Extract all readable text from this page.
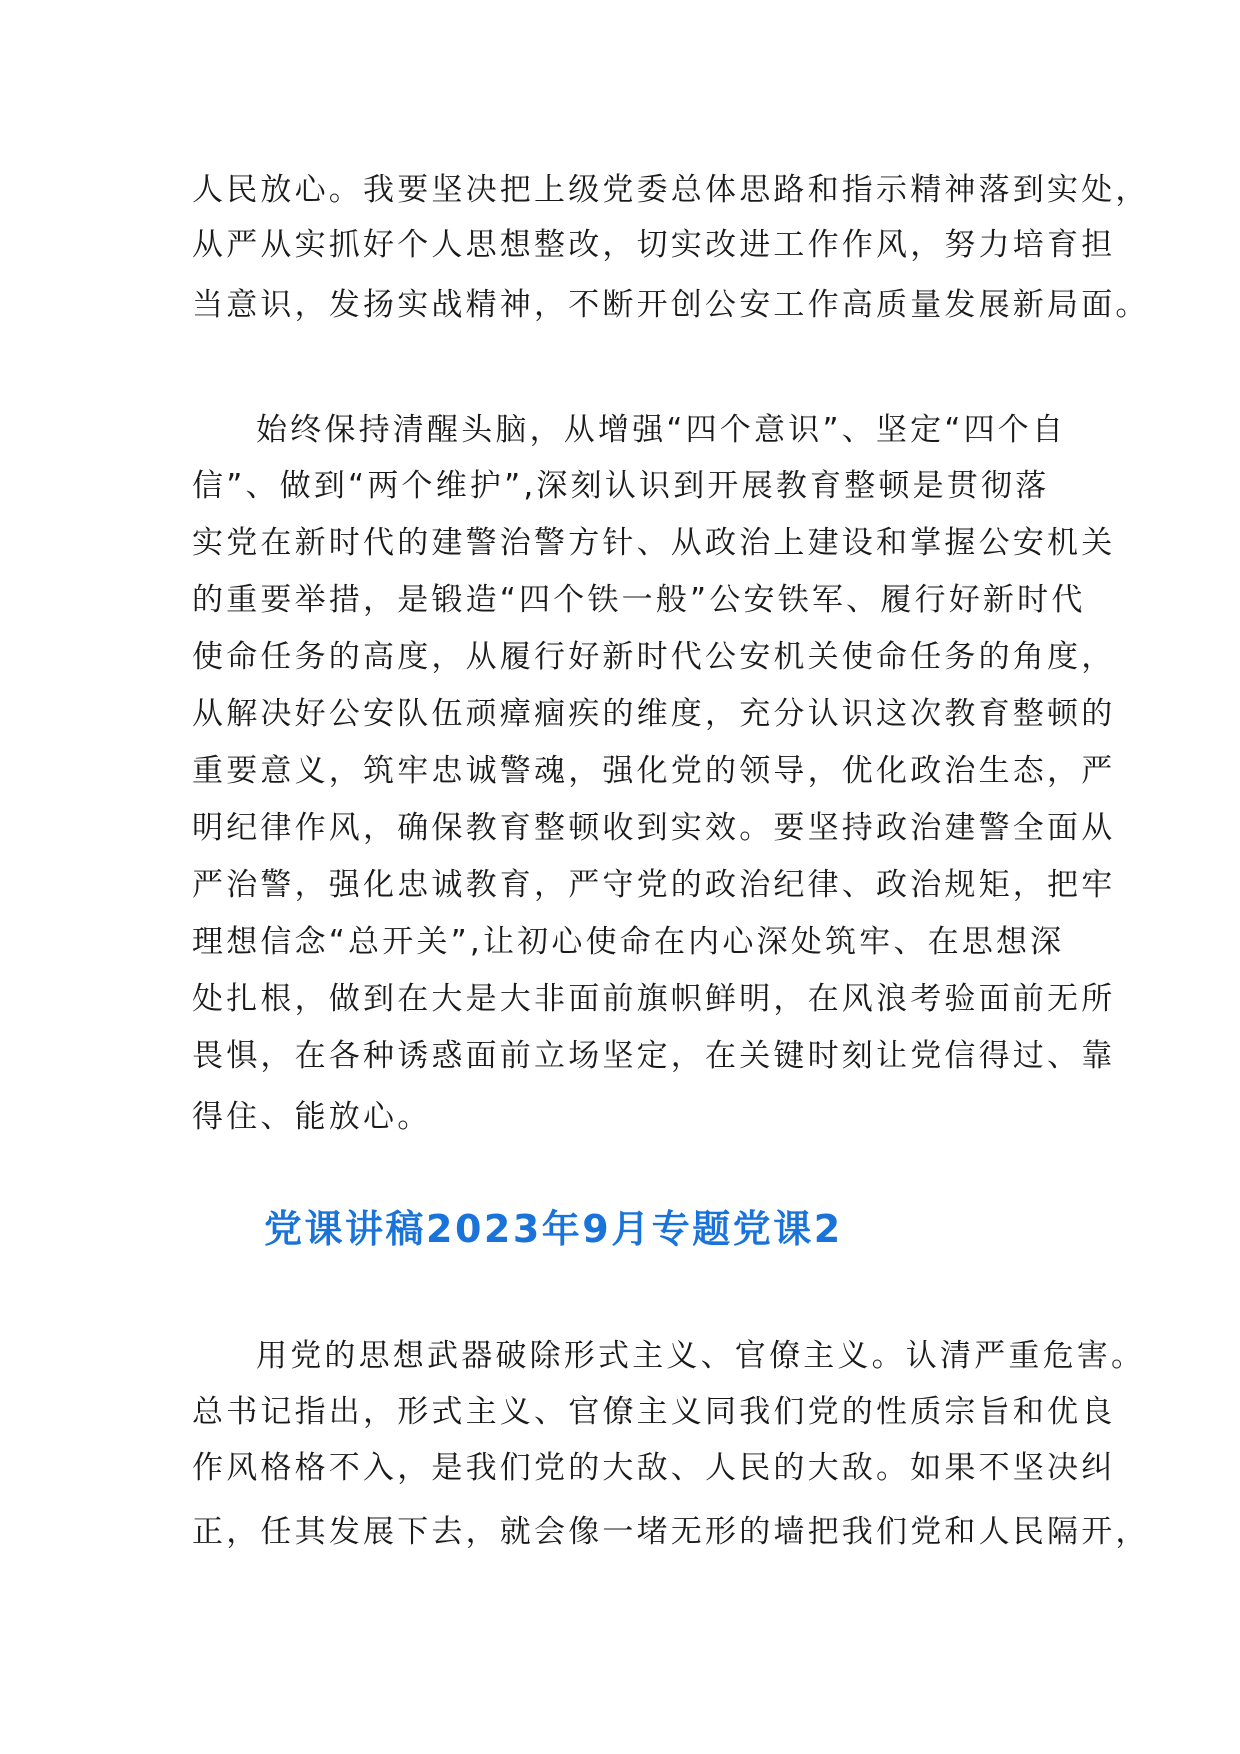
人民放心。我要坚决把上级党委总体思路和指示精神落到实处，
从严从实抓好个人思想整改，切实改进工作作风，努力培育担
当意识，发扬实战精神，不断开创公安工作高质量发展新局面。
始终保持清醒头脑，从增强“四个意识”、坚定“四个自
信”、做到“两个维护”,深刻认识到开展教育整顿是贯彻落
实党在新时代的建警治警方针、从政治上建设和掌握公安机关
的重要举措，是锻造“四个铁一般”公安铁军、履行好新时代
使命任务的高度，从履行好新时代公安机关使命任务的角度，
从解决好公安队伍顽瘴痼疾的维度，充分认识这次教育整顿的
重要意义，筑牢忠诚警魂，强化党的领导，优化政治生态，严
明纪律作风，确保教育整顿收到实效。要坚持政治建警全面从
严治警，强化忠诚教育，严守党的政治纪律、政治规矩，把牢
理想信念“总开关”,让初心使命在内心深处筑牢、在思想深
处扎根，做到在大是大非面前旗帜鲜明，在风浪考验面前无所
畏惧，在各种诱惑面前立场坚定，在关键时刻让党信得过、靠
得住、能放心。
党课讲稿2023年9月专题党课2
用党的思想武器破除形式主义、官僚主义。认清严重危害。
总书记指出，形式主义、官僚主义同我们党的性质宗旨和优良
作风格格不入，是我们党的大敌、人民的大敌。如果不坚决纠
正，任其发展下去，就会像一堵无形的墙把我们党和人民隔开，
